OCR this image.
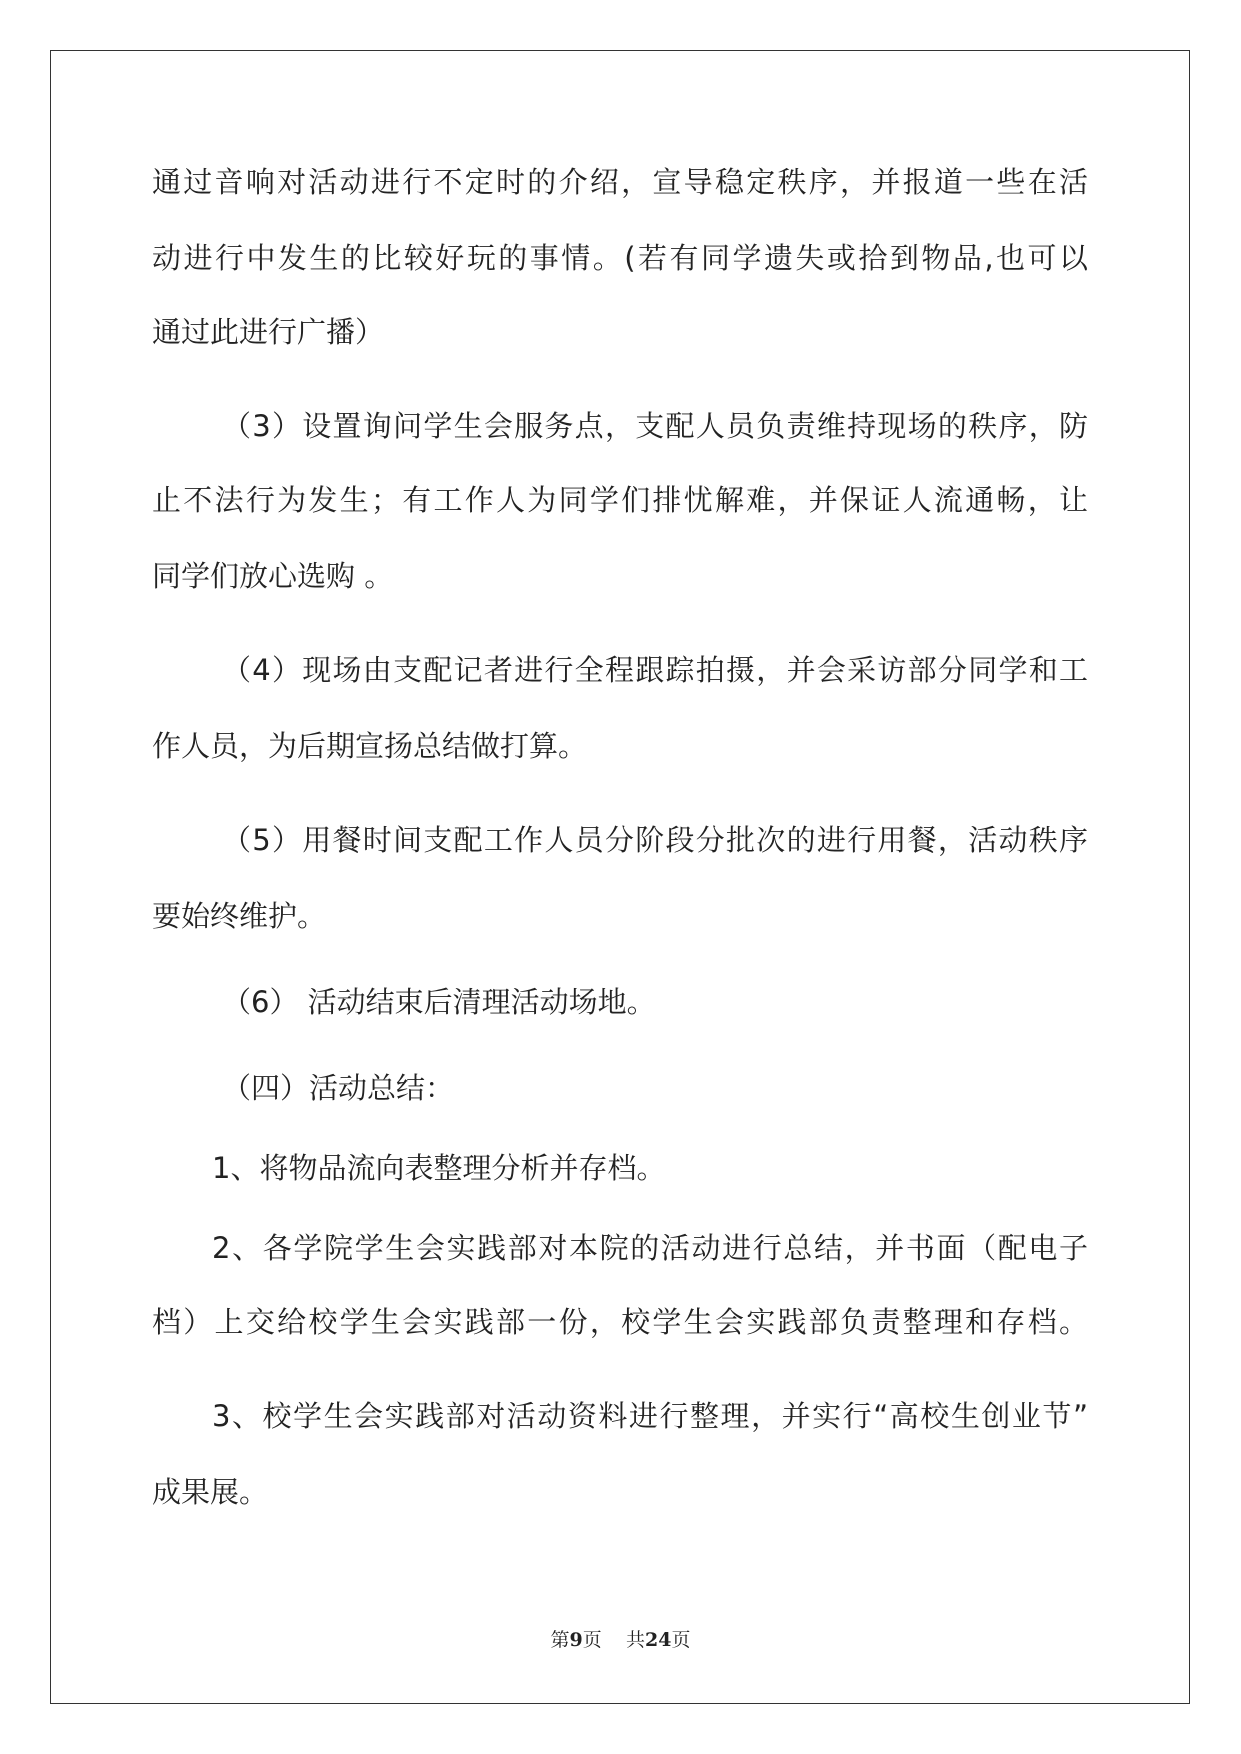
通过音响对活动进行不定时的介绍，宣导稳定秩序，并报道一些在活
动进行中发生的比较好玩的事情。(若有同学遗失或拾到物品,也可以
通过此进行广播）
（3）设置询问学生会服务点，支配人员负责维持现场的秩序，防
止不法行为发生；有工作人为同学们排忧解难，并保证人流通畅，让
同学们放心选购 。
（4）现场由支配记者进行全程跟踪拍摄，并会采访部分同学和工
作人员，为后期宣扬总结做打算。
（5）用餐时间支配工作人员分阶段分批次的进行用餐，活动秩序
要始终维护。
（6） 活动结束后清理活动场地。
（四）活动总结：
1、将物品流向表整理分析并存档。
2、各学院学生会实践部对本院的活动进行总结，并书面（配电子
档）上交给校学生会实践部一份，校学生会实践部负责整理和存档。
3、校学生会实践部对活动资料进行整理，并实行“高校生创业节”
成果展。
第9页 共24页
